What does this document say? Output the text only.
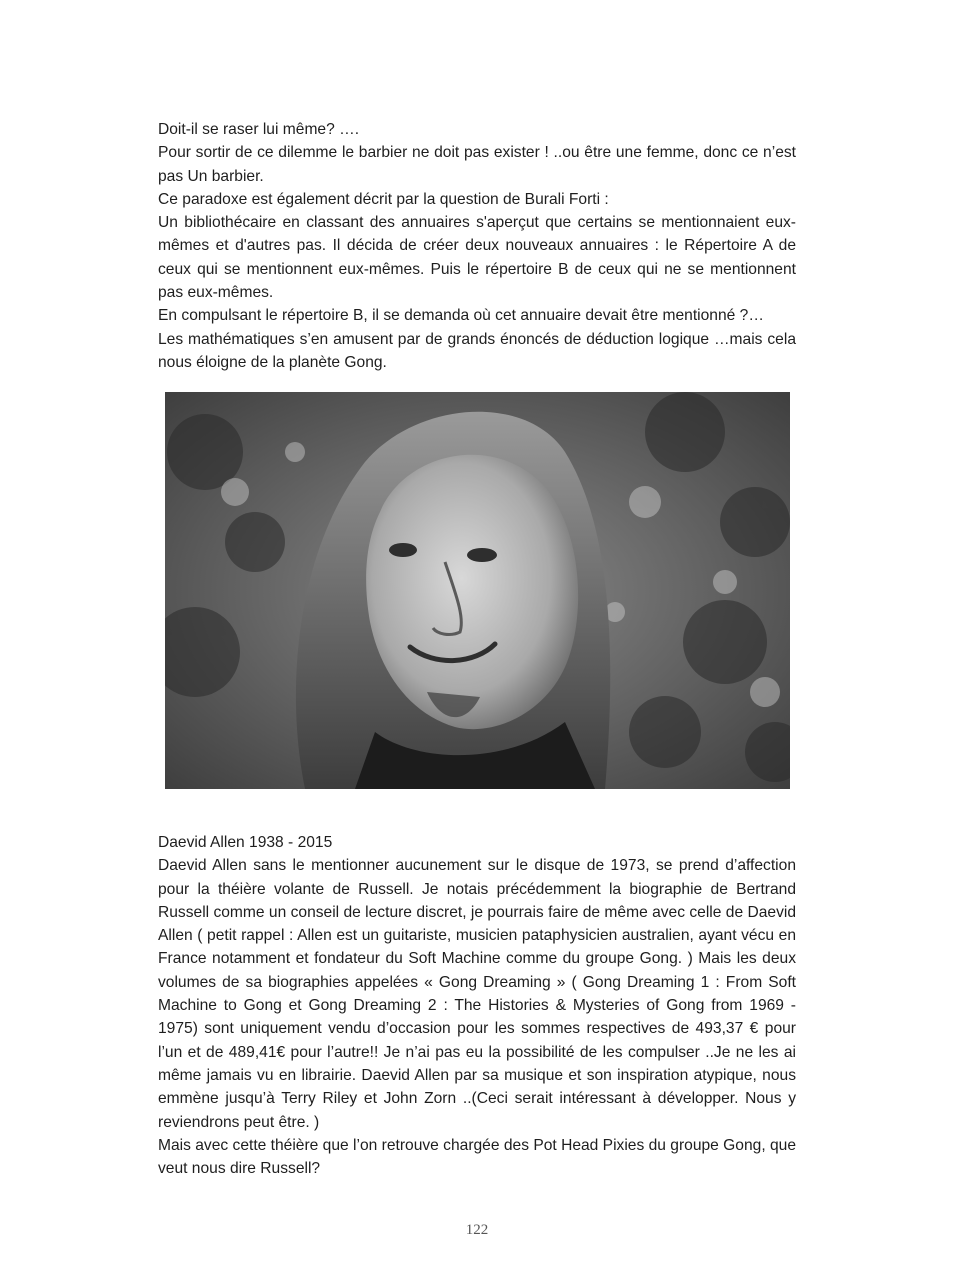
Doit-il se raser lui même? ….

Pour sortir de ce dilemme le barbier ne doit pas exister ! ..ou être une femme, donc ce n’est pas Un barbier.

Ce paradoxe est également décrit par la question de Burali Forti :

Un bibliothécaire en classant des annuaires s'aperçut que certains se mentionnaient eux-mêmes et d'autres pas. Il décida de créer deux nouveaux annuaires : le Répertoire A de ceux qui se mentionnent eux-mêmes. Puis le répertoire B de ceux qui ne se mentionnent pas eux-mêmes.

En compulsant le répertoire B, il se demanda où cet annuaire devait être mentionné ?…

Les mathématiques s’en amusent par de grands énoncés de déduction logique …mais cela nous éloigne de la planète Gong.

Daevid Allen 1938 - 2015

Daevid Allen sans le mentionner aucunement sur le disque de 1973, se prend d’affection pour la théière volante de Russell. Je notais précédemment la biographie de Bertrand Russell comme un conseil de lecture discret, je pourrais faire de même avec celle de Daevid Allen ( petit rappel : Allen est un guitariste, musicien pataphysicien australien, ayant vécu en France notamment et fondateur du Soft Machine comme du groupe Gong. ) Mais les deux volumes de sa biographies appelées « Gong Dreaming » ( Gong Dreaming 1 : From Soft Machine to Gong et Gong Dreaming 2 : The Histories & Mysteries of Gong from 1969 - 1975) sont uniquement vendu d’occasion pour les sommes respectives de 493,37 € pour l’un et de 489,41€ pour l’autre!! Je n’ai pas eu la possibilité de les compulser ..Je ne les ai même jamais vu en librairie. Daevid Allen par sa musique et son inspiration atypique, nous emmène jusqu’à Terry Riley et John Zorn ..(Ceci serait intéressant à développer. Nous y reviendrons peut être. )

Mais avec cette théière que l’on retrouve chargée des Pot Head Pixies du groupe Gong, que veut nous dire Russell?

122
